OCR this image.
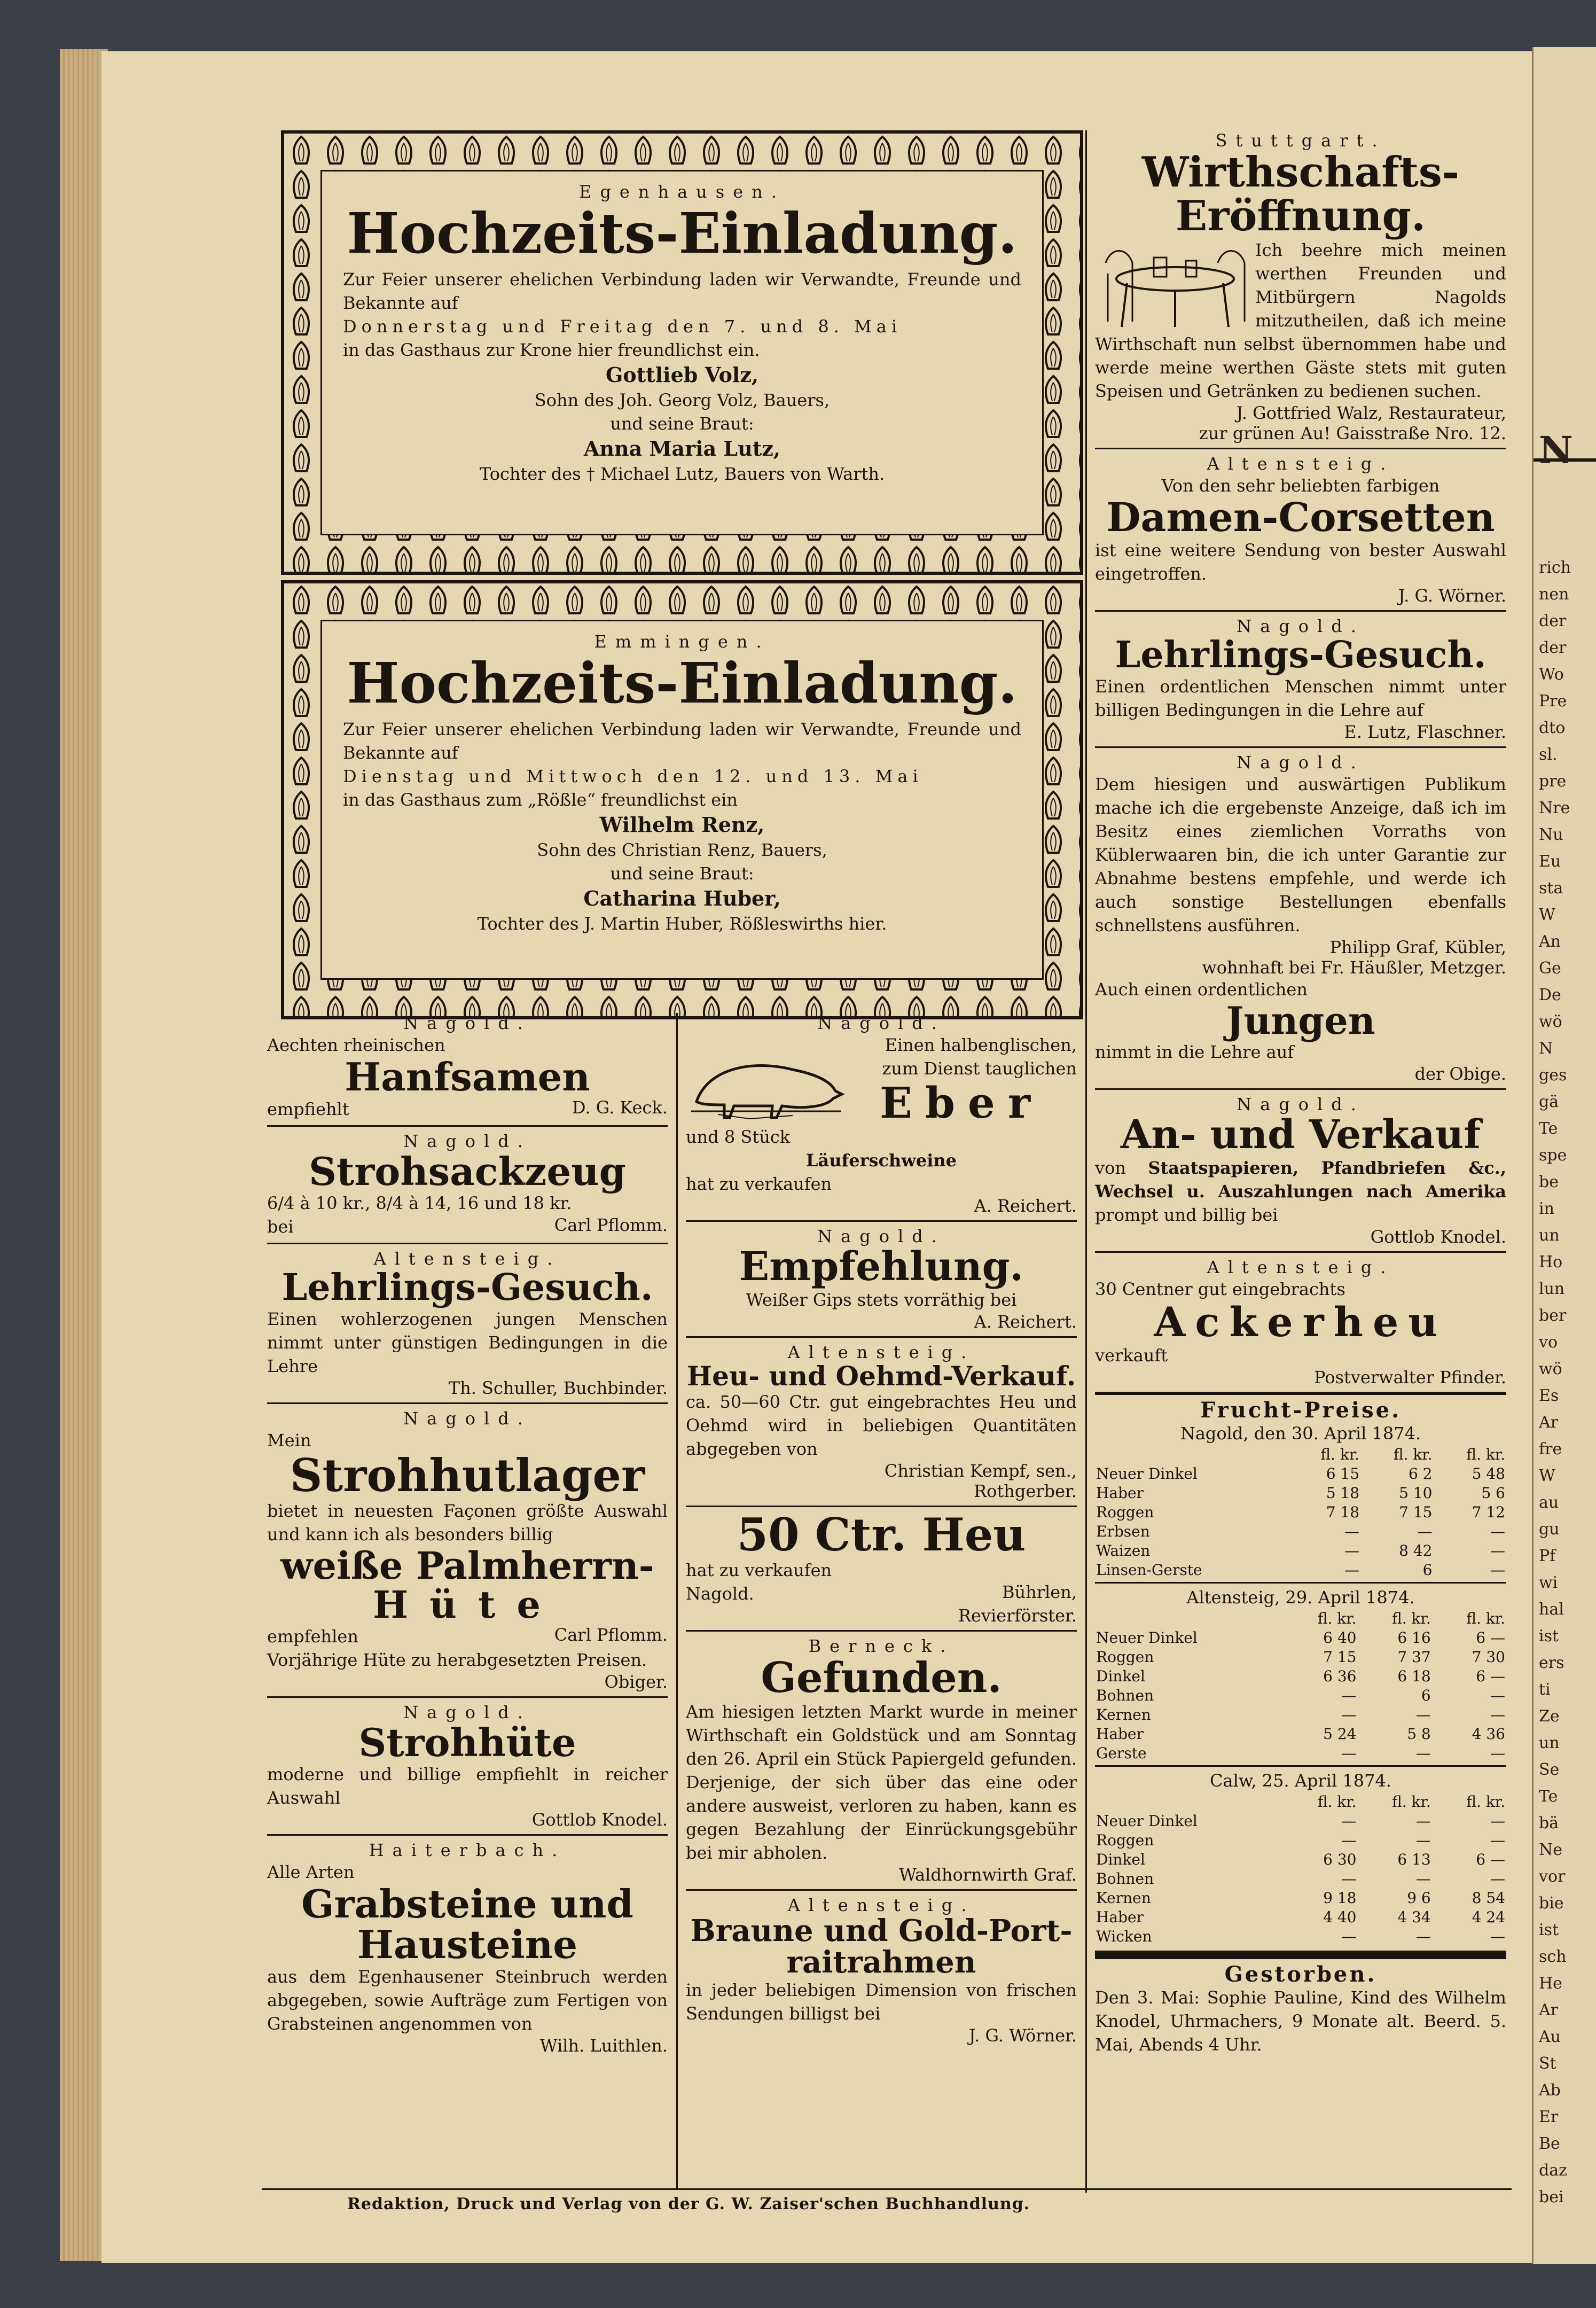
Egenhausen.
Hochzeits-Einladung.
Zur Feier unserer ehelichen Verbindung laden wir Verwandte, Freunde und Bekannte auf
Donnerstag und Freitag den 7. und 8. Mai
in das Gasthaus zur Krone hier freundlichst ein.
Gottlieb Volz,
Sohn des Joh. Georg Volz, Bauers,
und seine Braut:
Anna Maria Lutz,
Tochter des † Michael Lutz, Bauers von Warth.
Emmingen.
Hochzeits-Einladung.
Zur Feier unserer ehelichen Verbindung laden wir Verwandte, Freunde und Bekannte auf
Dienstag und Mittwoch den 12. und 13. Mai
in das Gasthaus zum „Rößle“ freundlichst ein
Wilhelm Renz,
Sohn des Christian Renz, Bauers,
und seine Braut:
Catharina Huber,
Tochter des J. Martin Huber, Rößleswirths hier.
Nagold.
Aechten rheinischen
Hanfsamen
empfiehlt	D. G. Keck.
Nagold.
Strohsackzeug
6/4 à 10 kr., 8/4 à 14, 16 und 18 kr.
bei	Carl Pflomm.
Altensteig.
Lehrlings-Gesuch.
Einen wohlerzogenen jungen Menschen nimmt unter günstigen Bedingungen in die Lehre
Th. Schuller, Buchbinder.
Nagold.
Mein
Strohhutlager
bietet in neuesten Façonen größte Auswahl und kann ich als besonders billig
weiße Palmherrn-
Hüte
empfehlen	Carl Pflomm.
Vorjährige Hüte zu herabgesetzten Preisen.
Obiger.
Nagold.
Strohhüte
moderne und billige empfiehlt in reicher Auswahl
Gottlob Knodel.
Haiterbach.
Alle Arten
Grabsteine und
Hausteine
aus dem Egenhausener Steinbruch werden abgegeben, sowie Aufträge zum Fertigen von Grabsteinen angenommen von
Wilh. Luithlen.
Nagold.
Einen halbenglischen,
zum Dienst tauglichen
Eber
und 8 Stück
Läuferschweine
hat zu verkaufen
A. Reichert.
Nagold.
Empfehlung.
Weißer Gips stets vorräthig bei
A. Reichert.
Altensteig.
Heu- und Oehmd-Verkauf.
ca. 50—60 Ctr. gut eingebrachtes Heu und Oehmd wird in beliebigen Quantitäten abgegeben von
Christian Kempf, sen.,
Rothgerber.
50 Ctr. Heu
hat zu verkaufen
Nagold.	Bührlen,
Revierförster.
Berneck.
Gefunden.
Am hiesigen letzten Markt wurde in meiner Wirthschaft ein Goldstück und am Sonntag den 26. April ein Stück Papiergeld gefunden. Derjenige, der sich über das eine oder andere ausweist, verloren zu haben, kann es gegen Bezahlung der Einrückungsgebühr bei mir abholen.
Waldhornwirth Graf.
Altensteig.
Braune und Gold-Port-
raitrahmen
in jeder beliebigen Dimension von frischen Sendungen billigst bei
J. G. Wörner.
Stuttgart.
Wirthschafts-
Eröffnung.
Ich beehre mich meinen werthen Freunden und Mitbürgern Nagolds mitzutheilen, daß ich meine Wirthschaft nun selbst übernommen habe und werde meine werthen Gäste stets mit guten Speisen und Getränken zu bedienen suchen.
J. Gottfried Walz, Restaurateur,
zur grünen Au! Gaisstraße Nro. 12.
Altensteig.
Von den sehr beliebten farbigen
Damen-Corsetten
ist eine weitere Sendung von bester Auswahl eingetroffen.
J. G. Wörner.
Nagold.
Lehrlings-Gesuch.
Einen ordentlichen Menschen nimmt unter billigen Bedingungen in die Lehre auf
E. Lutz, Flaschner.
Nagold.
Dem hiesigen und auswärtigen Publikum mache ich die ergebenste Anzeige, daß ich im Besitz eines ziemlichen Vorraths von Küblerwaaren bin, die ich unter Garantie zur Abnahme bestens empfehle, und werde ich auch sonstige Bestellungen ebenfalls schnellstens ausführen.
Philipp Graf, Kübler,
wohnhaft bei Fr. Häußler, Metzger.
Auch einen ordentlichen
Jungen
nimmt in die Lehre auf
der Obige.
Nagold.
An- und Verkauf
von Staatspapieren, Pfandbriefen &c., Wechsel u. Auszahlungen nach Amerika prompt und billig bei
Gottlob Knodel.
Altensteig.
30 Centner gut eingebrachts
Ackerheu
verkauft
Postverwalter Pfinder.
Frucht-Preise.
Nagold, den 30. April 1874.
	fl. kr.	fl. kr.	fl. kr.
Neuer Dinkel	6 15	6 2	5 48
Haber	5 18	5 10	5 6
Roggen	7 18	7 15	7 12
Erbsen	—	—	—
Waizen	—	8 42	—
Linsen-Gerste	—	6	—
Altensteig, 29. April 1874.
	fl. kr.	fl. kr.	fl. kr.
Neuer Dinkel	6 40	6 16	6 —
Roggen	7 15	7 37	7 30
Dinkel	6 36	6 18	6 —
Bohnen	—	6	—
Kernen	—	—	—
Haber	5 24	5 8	4 36
Gerste	—	—	—
Calw, 25. April 1874.
	fl. kr.	fl. kr.	fl. kr.
Neuer Dinkel	—	—	—
Roggen	—	—	—
Dinkel	6 30	6 13	6 —
Bohnen	—	—	—
Kernen	9 18	9 6	8 54
Haber	4 40	4 34	4 24
Wicken	—	—	—
Gestorben.
Den 3. Mai: Sophie Pauline, Kind des Wilhelm Knodel, Uhrmachers, 9 Monate alt. Beerd. 5. Mai, Abends 4 Uhr.
Redaktion, Druck und Verlag von der G. W. Zaiser'schen Buchhandlung.
N
rich
nen
der
der
Wo
Pre
dto
sl.
pre
Nre
Nu
Eu
sta
W
An
Ge
De
wö
N
ges
gä
Te
spe
be
in
un
Ho
lun
ber
vo
wö
Es
Ar
fre
W
au
gu
Pf
wi
hal
ist
ers
ti
Ze
un
Se
Te
bä
Ne
vor
bie
ist
sch
He
Ar
Au
St
Ab
Er
Be
daz
bei
